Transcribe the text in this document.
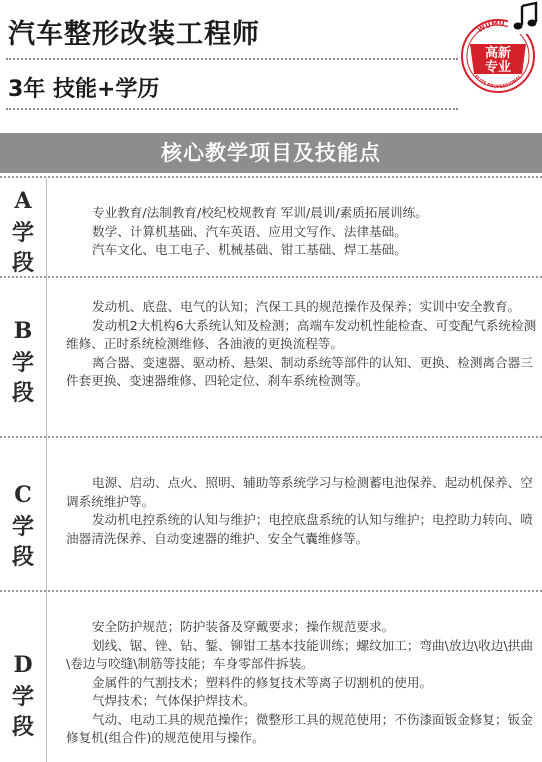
汽车整形改装工程师
3年 技能+学历
WUMU.
高新
专业
ELITE PROFESSIONAL
核心教学项目及技能点
A
学
段

专业教育/法制教育/校纪校规教育 军训/晨训/素质拓展训练。

数学、计算机基础、汽车英语、应用文写作、法律基础。

汽车文化、电工电子、机械基础、钳工基础、焊工基础。

B
学
段

发动机、底盘、电气的认知；汽保工具的规范操作及保养；实训中安全教育。

发动机2大机构6大系统认知及检测；高端车发动机性能检查、可变配气系统检测维修、正时系统检测维修、各油液的更换流程等。

离合器、变速器、驱动桥、悬架、制动系统等部件的认知、更换、检测离合器三件套更换、变速器维修、四轮定位、刹车系统检测等。

C
学
段

电源、启动、点火、照明、辅助等系统学习与检测蓄电池保养、起动机保养、空调系统维护等。

发动机电控系统的认知与维护；电控底盘系统的认知与维护；电控助力转向、喷油器清洗保养、自动变速器的维护、安全气囊维修等。

D
学
段

安全防护规范；防护装备及穿戴要求；操作规范要求。

划线、锯、锉、钻、錾、铆钳工基本技能训练；螺纹加工；弯曲\放边\收边\拱曲\卷边与咬缝\制筋等技能；车身零部件拆装。

金属件的气割技术；塑料件的修复技术等离子切割机的使用。

气焊技术；气体保护焊技术。

气动、电动工具的规范操作；微整形工具的规范使用；不伤漆面钣金修复；钣金修复机(组合件)的规范使用与操作。
